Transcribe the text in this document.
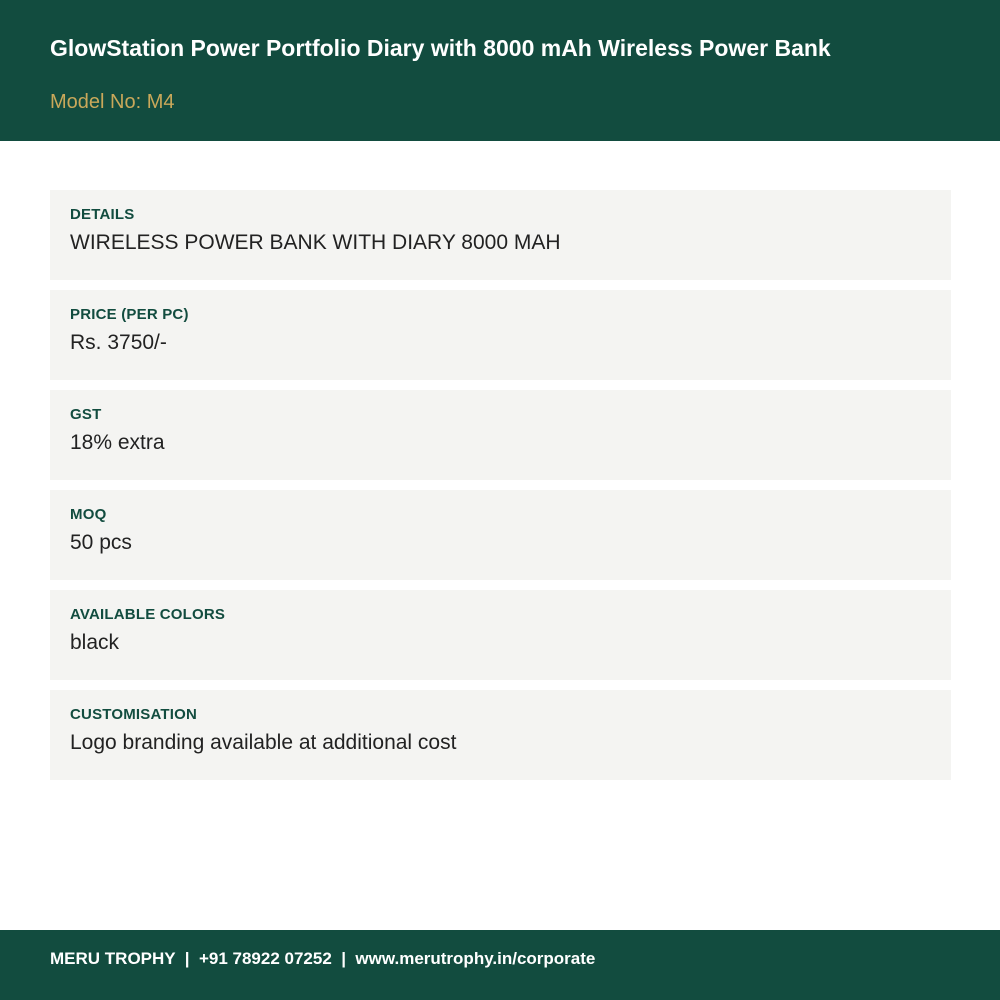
GlowStation Power Portfolio Diary with 8000 mAh Wireless Power Bank
Model No: M4
DETAILS
WIRELESS POWER BANK WITH DIARY 8000 MAH
PRICE (PER PC)
Rs. 3750/-
GST
18% extra
MOQ
50 pcs
AVAILABLE COLORS
black
CUSTOMISATION
Logo branding available at additional cost
MERU TROPHY  |  +91 78922 07252  |  www.merutrophy.in/corporate
